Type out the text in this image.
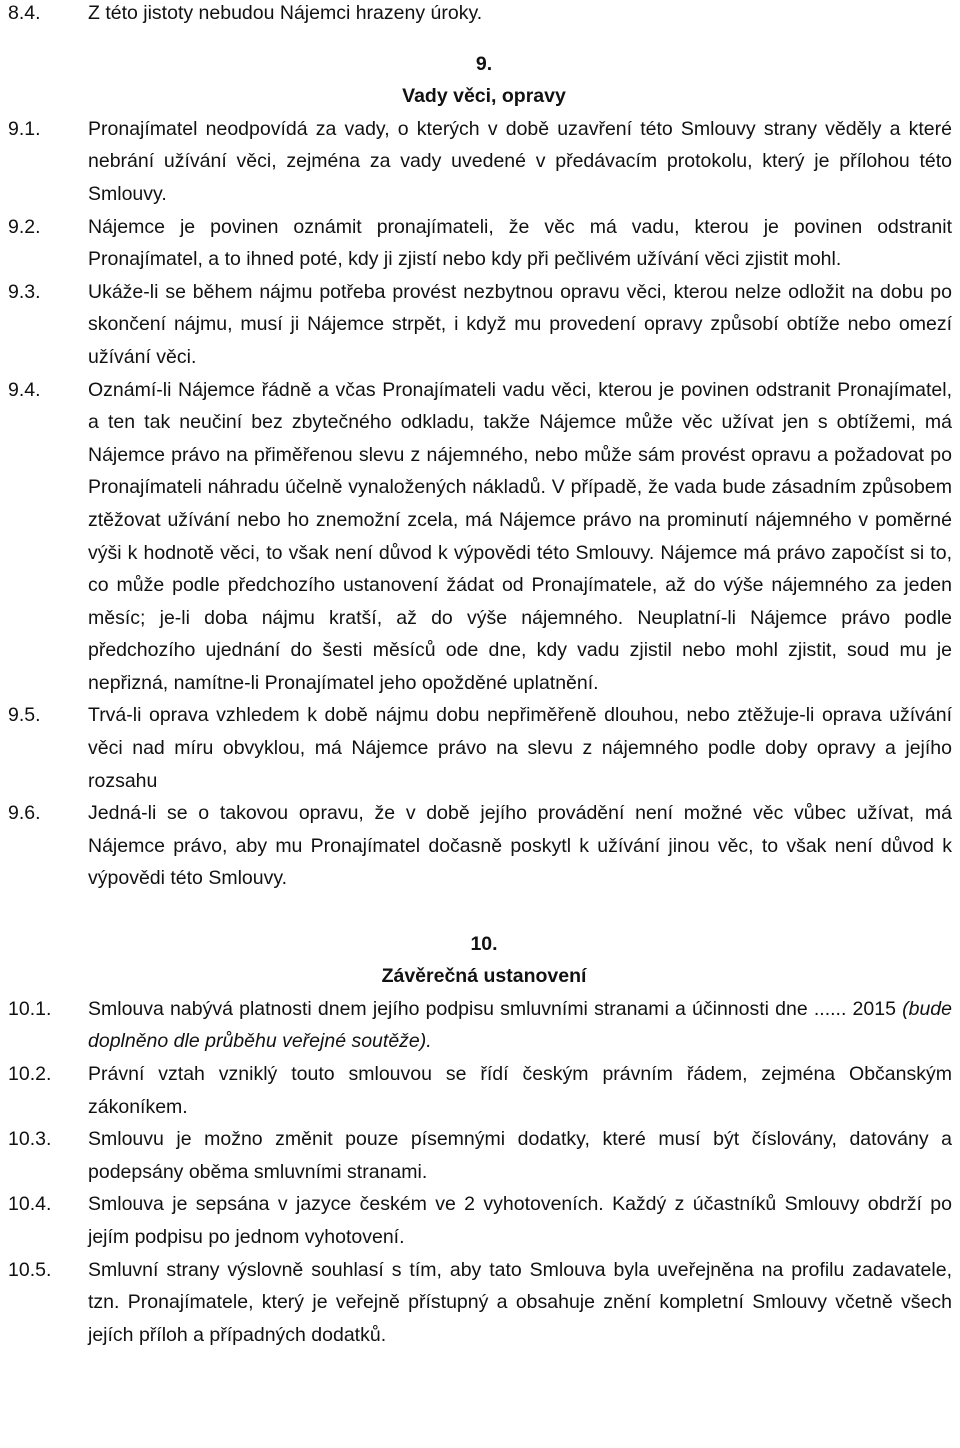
8.4.	Z této jistoty nebudou Nájemci hrazeny úroky.
9.
Vady věci, opravy
9.1.	Pronajímatel neodpovídá za vady, o kterých v době uzavření této Smlouvy strany věděly a které nebrání užívání věci, zejména za vady uvedené v předávacím protokolu, který je přílohou této Smlouvy.
9.2.	Nájemce je povinen oznámit pronajímateli, že věc má vadu, kterou je povinen odstranit Pronajímatel, a to ihned poté, kdy ji zjistí nebo kdy při pečlivém užívání věci zjistit mohl.
9.3.	Ukáže-li se během nájmu potřeba provést nezbytnou opravu věci, kterou nelze odložit na dobu po skončení nájmu, musí ji Nájemce strpět, i když mu provedení opravy způsobí obtíže nebo omezí užívání věci.
9.4.	Oznámí-li Nájemce řádně a včas Pronajímateli vadu věci, kterou je povinen odstranit Pronajímatel, a ten tak neučiní bez zbytečného odkladu, takže Nájemce může věc užívat jen s obtížemi, má Nájemce právo na přiměřenou slevu z nájemného, nebo může sám provést opravu a požadovat po Pronajímateli náhradu účelně vynaložených nákladů. V případě, že vada bude zásadním způsobem ztěžovat užívání nebo ho znemožní zcela, má Nájemce právo na prominutí nájemného v poměrné výši k hodnotě věci, to však není důvod k výpovědi této Smlouvy. Nájemce má právo započíst si to, co může podle předchozího ustanovení žádat od Pronajímatele, až do výše nájemného za jeden měsíc; je-li doba nájmu kratší, až do výše nájemného. Neuplatní-li Nájemce právo podle předchozího ujednání do šesti měsíců ode dne, kdy vadu zjistil nebo mohl zjistit, soud mu je nepřizná, namítne-li Pronajímatel jeho opožděné uplatnění.
9.5.	Trvá-li oprava vzhledem k době nájmu dobu nepřiměřeně dlouhou, nebo ztěžuje-li oprava užívání věci nad míru obvyklou, má Nájemce právo na slevu z nájemného podle doby opravy a jejího rozsahu
9.6.	Jedná-li se o takovou opravu, že v době jejího provádění není možné věc vůbec užívat, má Nájemce právo, aby mu Pronajímatel dočasně poskytl k užívání jinou věc, to však není důvod k výpovědi této Smlouvy.
10.
Závěrečná ustanovení
10.1.	Smlouva nabývá platnosti dnem jejího podpisu smluvními stranami a účinnosti dne ...... 2015 (bude doplněno dle průběhu veřejné soutěže).
10.2.	Právní vztah vzniklý touto smlouvou se řídí českým právním řádem, zejména Občanským zákoníkem.
10.3.	Smlouvu je možno změnit pouze písemnými dodatky, které musí být číslovány, datovány a podepsány oběma smluvními stranami.
10.4.	Smlouva je sepsána v jazyce českém ve 2 vyhotoveních. Každý z účastníků Smlouvy obdrží po jejím podpisu po jednom vyhotovení.
10.5.	Smluvní strany výslovně souhlasí s tím, aby tato Smlouva byla uveřejněna na profilu zadavatele, tzn. Pronajímatele, který je veřejně přístupný a obsahuje znění kompletní Smlouvy včetně všech jejích příloh a případných dodatků.
